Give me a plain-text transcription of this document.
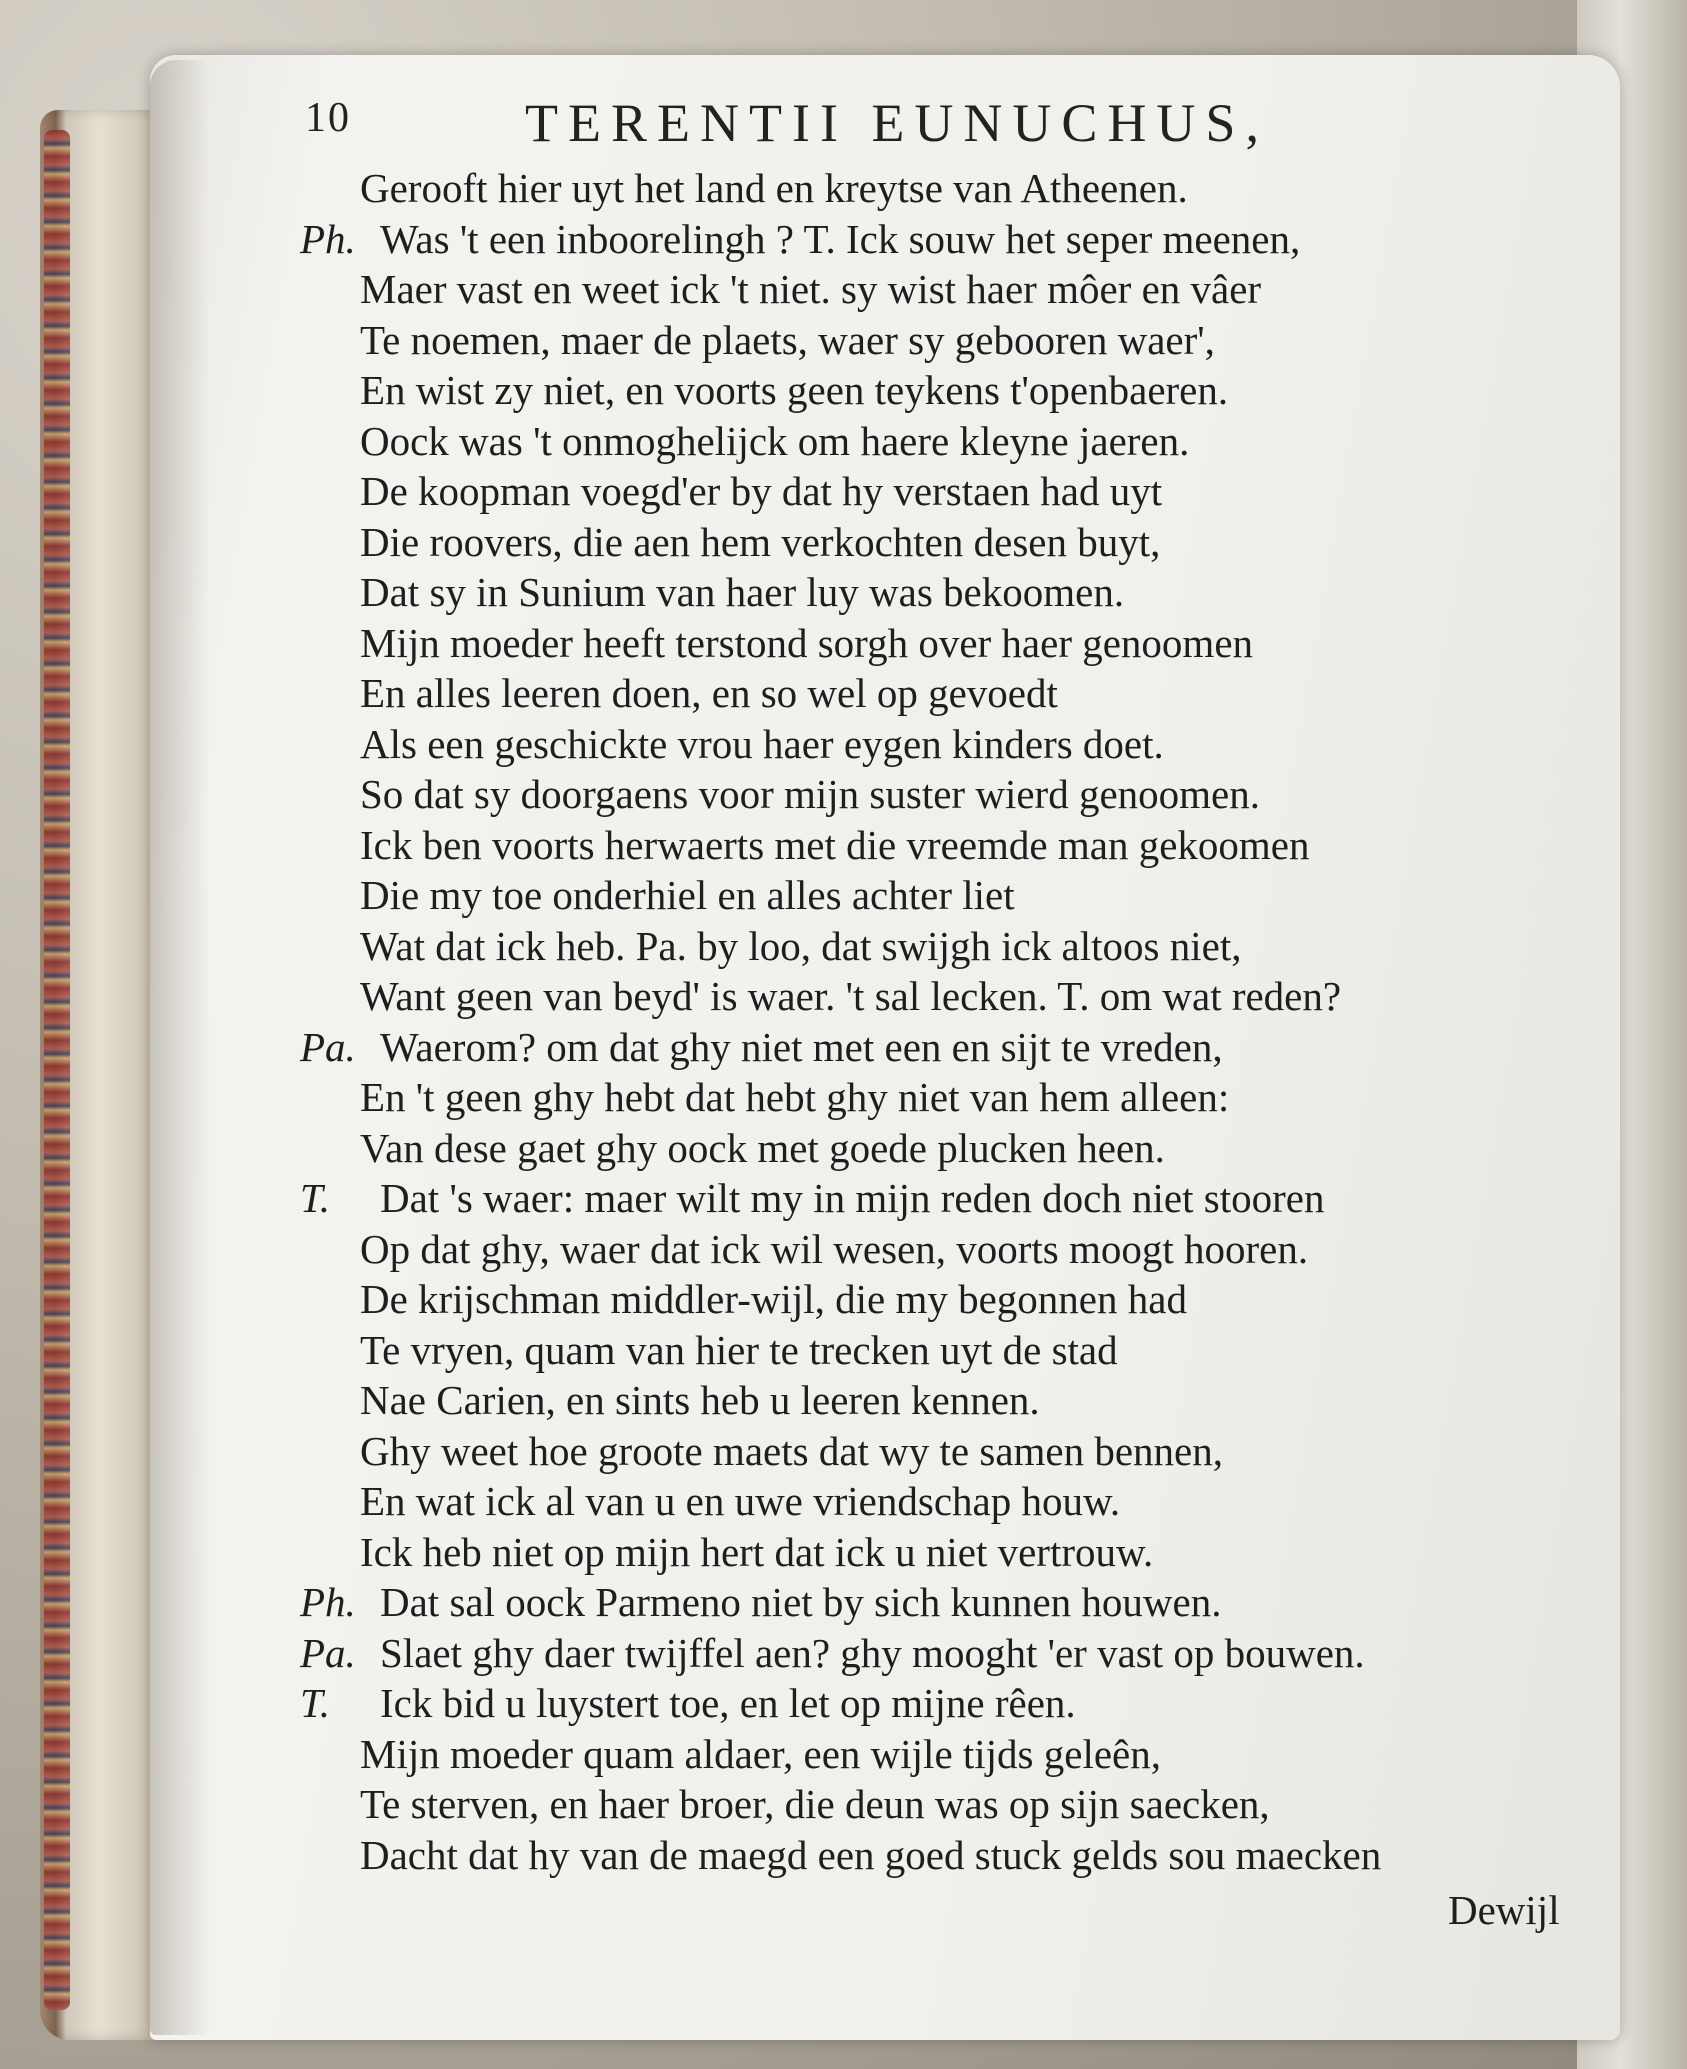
10	TERENTII EUNUCHUS,
Gerooft hier uyt het land en kreytse van Atheenen.
Ph. Was 't een inboorelingh ? T. Ick souw het seper meenen,
Maer vast en weet ick 't niet. sy wist haer môer en vâer
Te noemen, maer de plaets, waer sy gebooren waer',
En wist zy niet, en voorts geen teykens t'openbaeren.
Oock was 't onmoghelijck om haere kleyne jaeren.
De koopman voegd'er by dat hy verstaen had uyt
Die roovers, die aen hem verkochten desen buyt,
Dat sy in Sunium van haer luy was bekoomen.
Mijn moeder heeft terstond sorgh over haer genoomen
En alles leeren doen, en so wel op gevoedt
Als een geschickte vrou haer eygen kinders doet.
So dat sy doorgaens voor mijn suster wierd genoomen.
Ick ben voorts herwaerts met die vreemde man gekoomen
Die my toe onderhiel en alles achter liet
Wat dat ick heb. Pa. by loo, dat swijgh ick altoos niet,
Want geen van beyd' is waer. 't sal lecken. T. om wat reden?
Pa. Waerom? om dat ghy niet met een en sijt te vreden,
En 't geen ghy hebt dat hebt ghy niet van hem alleen:
Van dese gaet ghy oock met goede plucken heen.
T. Dat 's waer: maer wilt my in mijn reden doch niet stooren
Op dat ghy, waer dat ick wil wesen, voorts moogt hooren.
De krijschman middler-wijl, die my begonnen had
Te vryen, quam van hier te trecken uyt de stad
Nae Carien, en sints heb u leeren kennen.
Ghy weet hoe groote maets dat wy te samen bennen,
En wat ick al van u en uwe vriendschap houw.
Ick heb niet op mijn hert dat ick u niet vertrouw.
Ph. Dat sal oock Parmeno niet by sich kunnen houwen.
Pa. Slaet ghy daer twijffel aen? ghy mooght 'er vast op bouwen.
T. Ick bid u luystert toe, en let op mijne rêen.
Mijn moeder quam aldaer, een wijle tijds geleên,
Te sterven, en haer broer, die deun was op sijn saecken,
Dacht dat hy van de maegd een goed stuck gelds sou maecken
Dewijl
